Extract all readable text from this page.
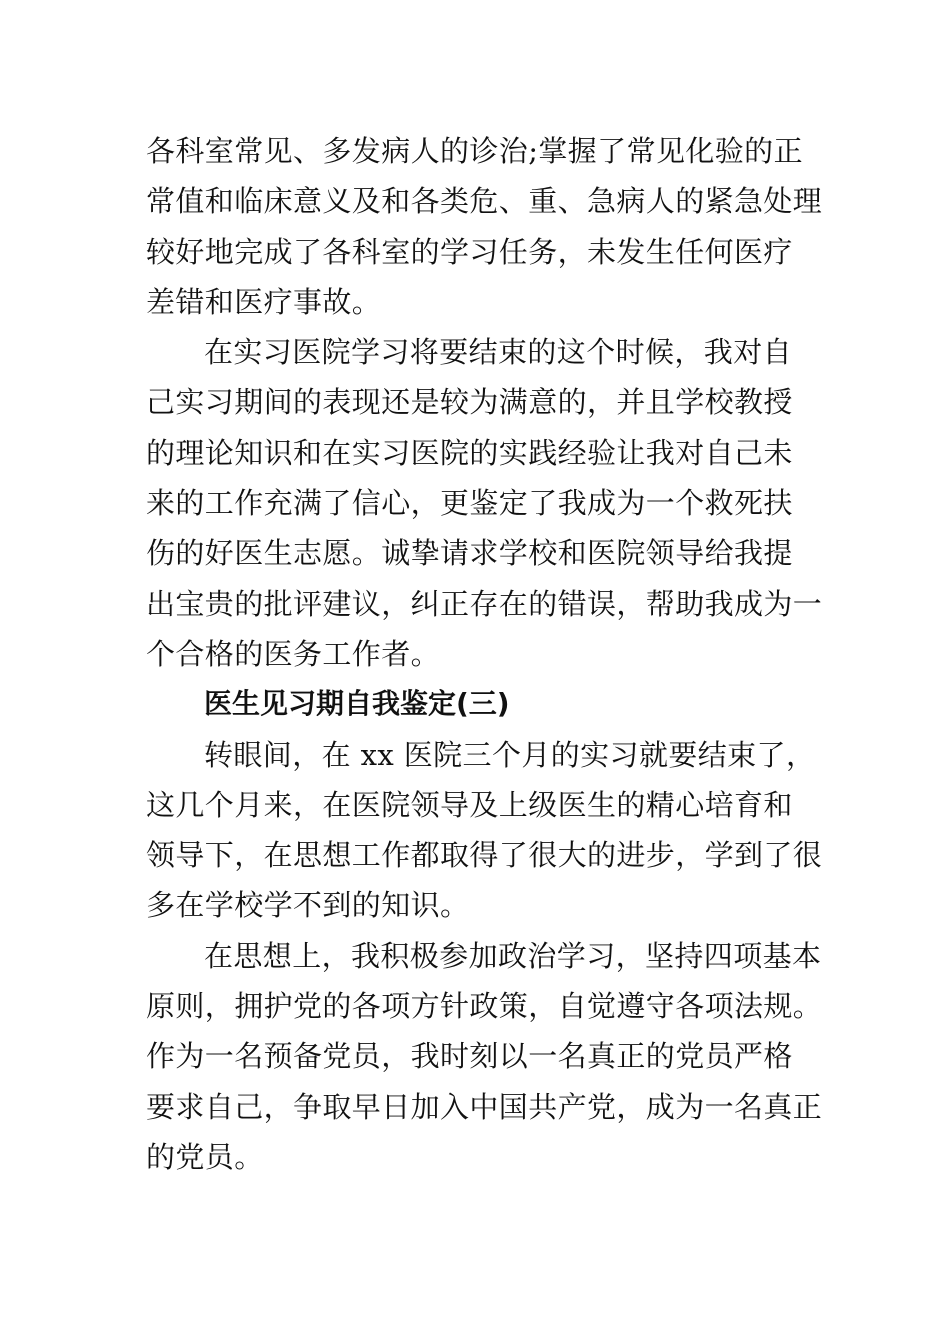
各科室常见、多发病人的诊治;掌握了常见化验的正
常值和临床意义及和各类危、重、急病人的紧急处理
较好地完成了各科室的学习任务，未发生任何医疗
差错和医疗事故。
在实习医院学习将要结束的这个时候，我对自
己实习期间的表现还是较为满意的，并且学校教授
的理论知识和在实习医院的实践经验让我对自己未
来的工作充满了信心，更鉴定了我成为一个救死扶
伤的好医生志愿。诚挚请求学校和医院领导给我提
出宝贵的批评建议，纠正存在的错误，帮助我成为一
个合格的医务工作者。
医生见习期自我鉴定(三)
转眼间，在 xx 医院三个月的实习就要结束了，
这几个月来，在医院领导及上级医生的精心培育和
领导下，在思想工作都取得了很大的进步，学到了很
多在学校学不到的知识。
在思想上，我积极参加政治学习，坚持四项基本
原则，拥护党的各项方针政策，自觉遵守各项法规。
作为一名预备党员，我时刻以一名真正的党员严格
要求自己，争取早日加入中国共产党，成为一名真正
的党员。
